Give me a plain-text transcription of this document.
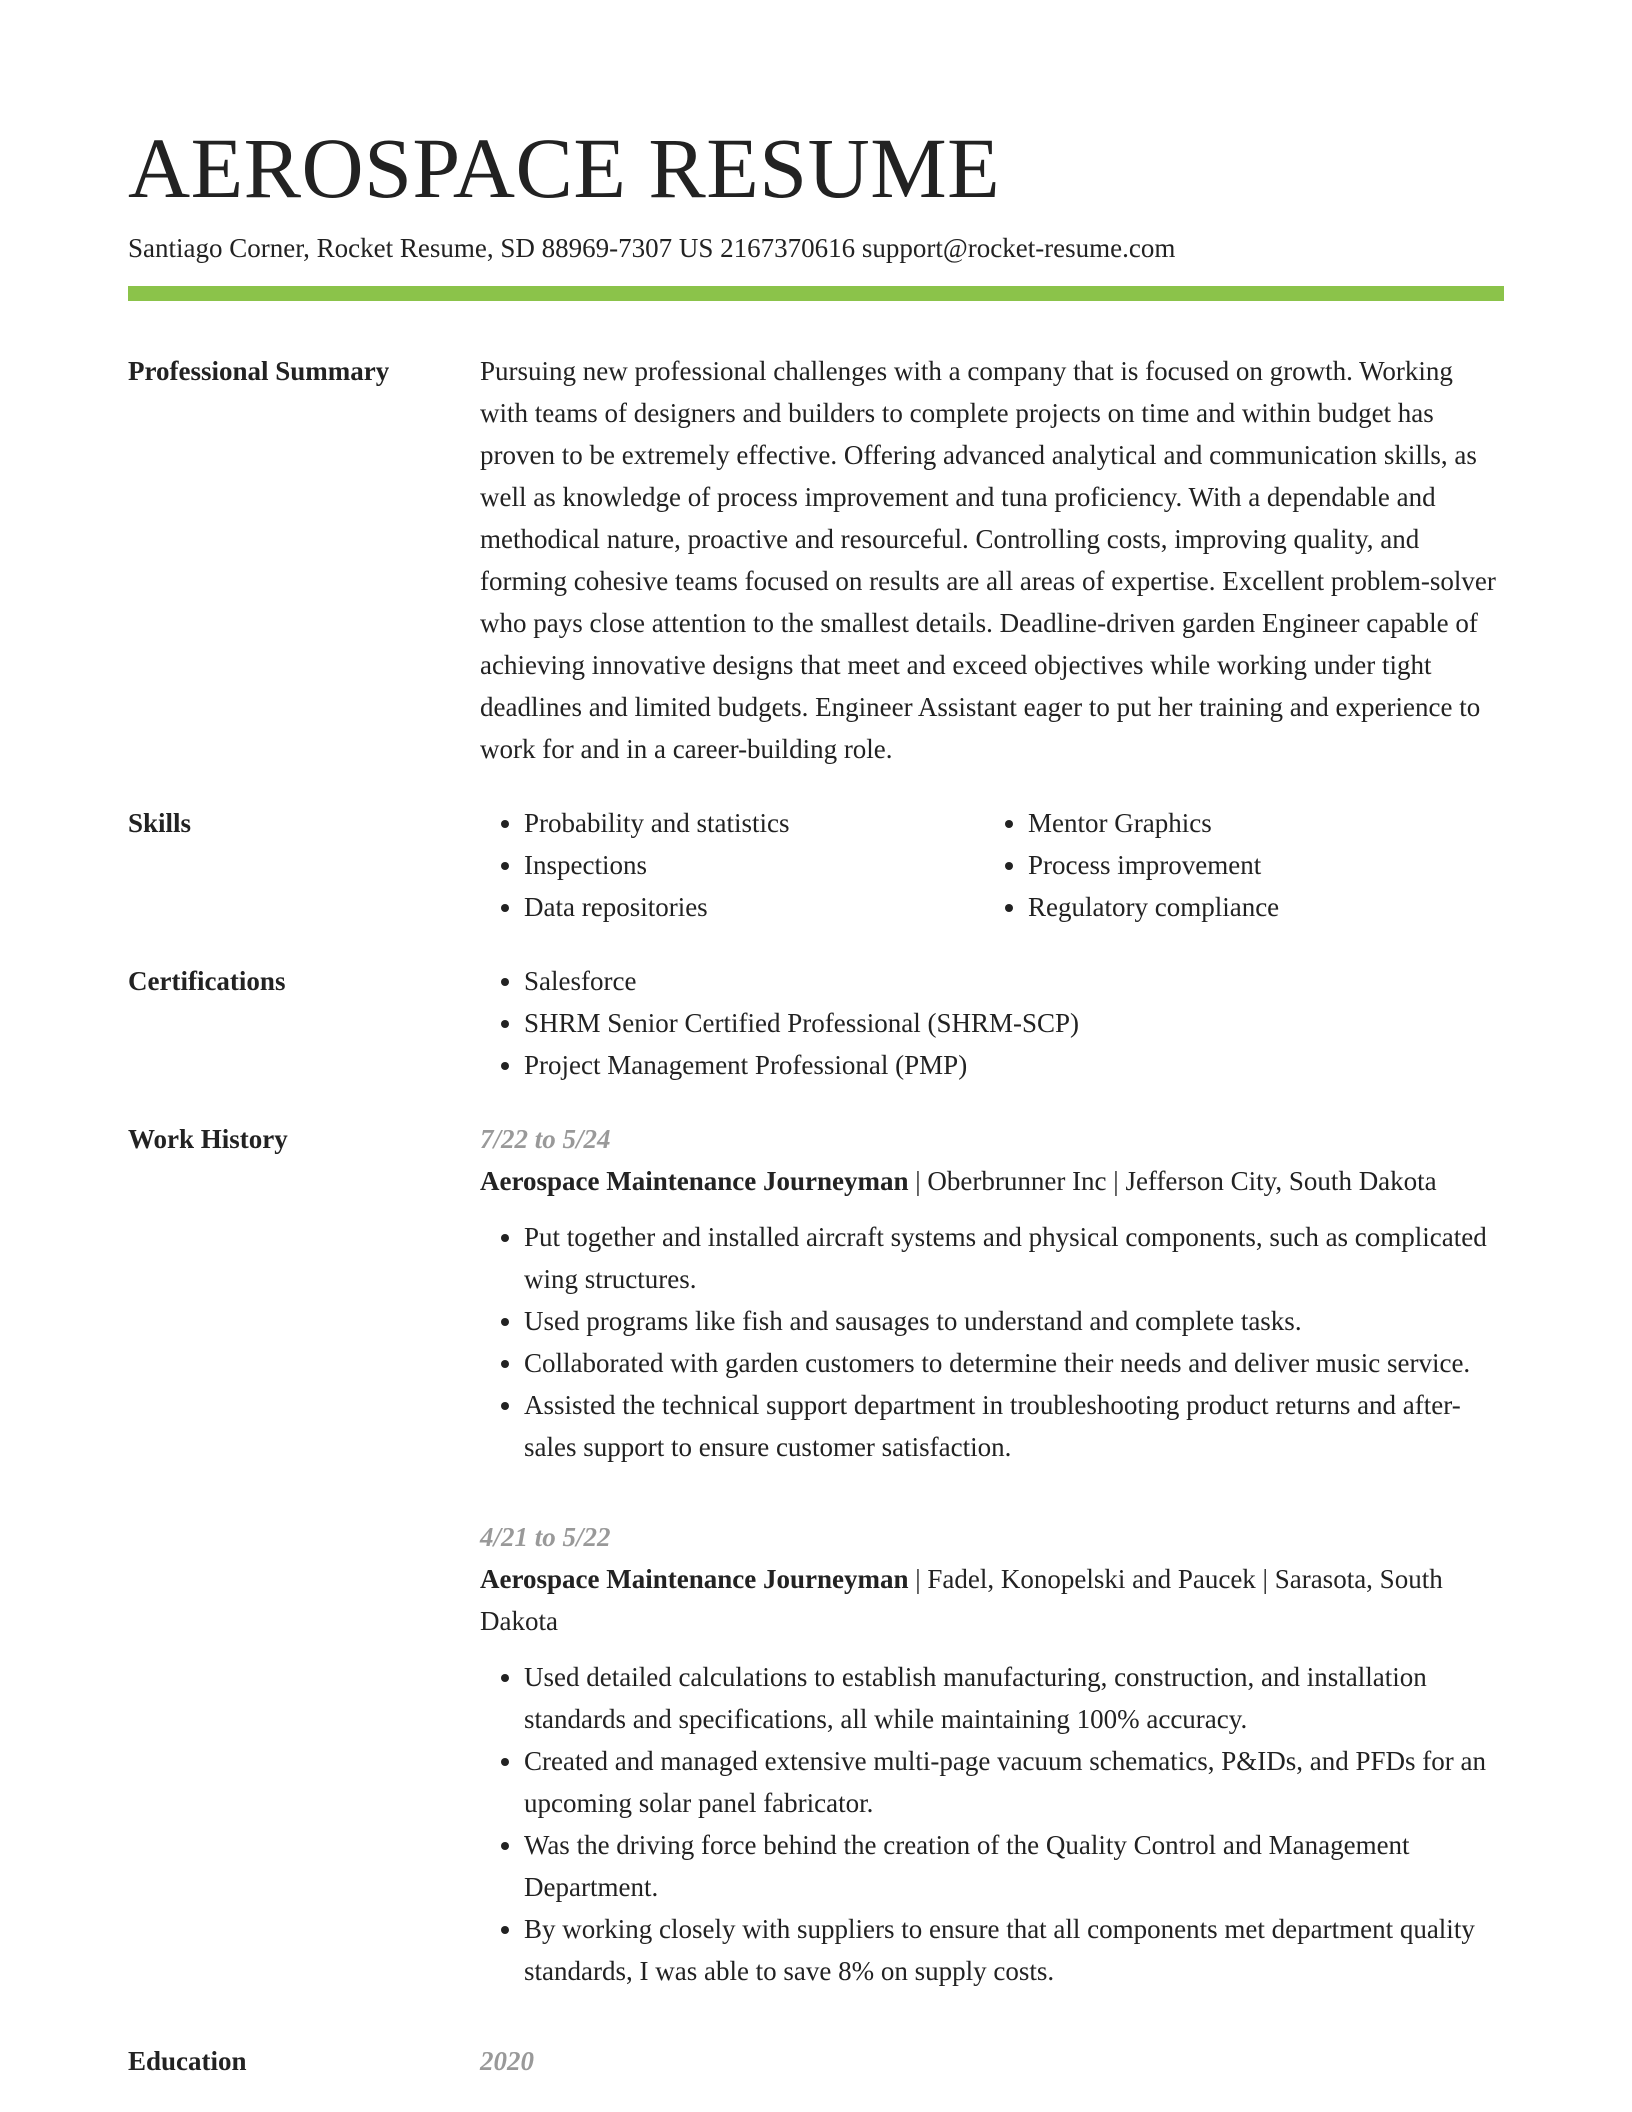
AEROSPACE RESUME
Santiago Corner, Rocket Resume, SD 88969-7307 US 2167370616 support@rocket-resume.com
Professional Summary	Pursuing new professional challenges with a company that is focused on growth. Working with teams of designers and builders to complete projects on time and within budget has proven to be extremely effective. Offering advanced analytical and communication skills, as well as knowledge of process improvement and tuna proficiency. With a dependable and methodical nature, proactive and resourceful. Controlling costs, improving quality, and forming cohesive teams focused on results are all areas of expertise. Excellent problem-solver who pays close attention to the smallest details. Deadline-driven garden Engineer capable of achieving innovative designs that meet and exceed objectives while working under tight deadlines and limited budgets. Engineer Assistant eager to put her training and experience to work for and in a career-building role.

Skills	• Probability and statistics
• Inspections
• Data repositories
• Mentor Graphics
• Process improvement
• Regulatory compliance
Certifications	• Salesforce
• SHRM Senior Certified Professional (SHRM-SCP)
• Project Management Professional (PMP)
Work History	7/22 to 5/24
Aerospace Maintenance Journeyman | Oberbrunner Inc | Jefferson City, South Dakota
• Put together and installed aircraft systems and physical components, such as complicated wing structures.
• Used programs like fish and sausages to understand and complete tasks.
• Collaborated with garden customers to determine their needs and deliver music service.
• Assisted the technical support department in troubleshooting product returns and after-sales support to ensure customer satisfaction.
4/21 to 5/22
Aerospace Maintenance Journeyman | Fadel, Konopelski and Paucek | Sarasota, South Dakota
• Used detailed calculations to establish manufacturing, construction, and installation standards and specifications, all while maintaining 100% accuracy.
• Created and managed extensive multi-page vacuum schematics, P&IDs, and PFDs for an upcoming solar panel fabricator.
• Was the driving force behind the creation of the Quality Control and Management Department.
• By working closely with suppliers to ensure that all components met department quality standards, I was able to save 8% on supply costs.
Education	2020
